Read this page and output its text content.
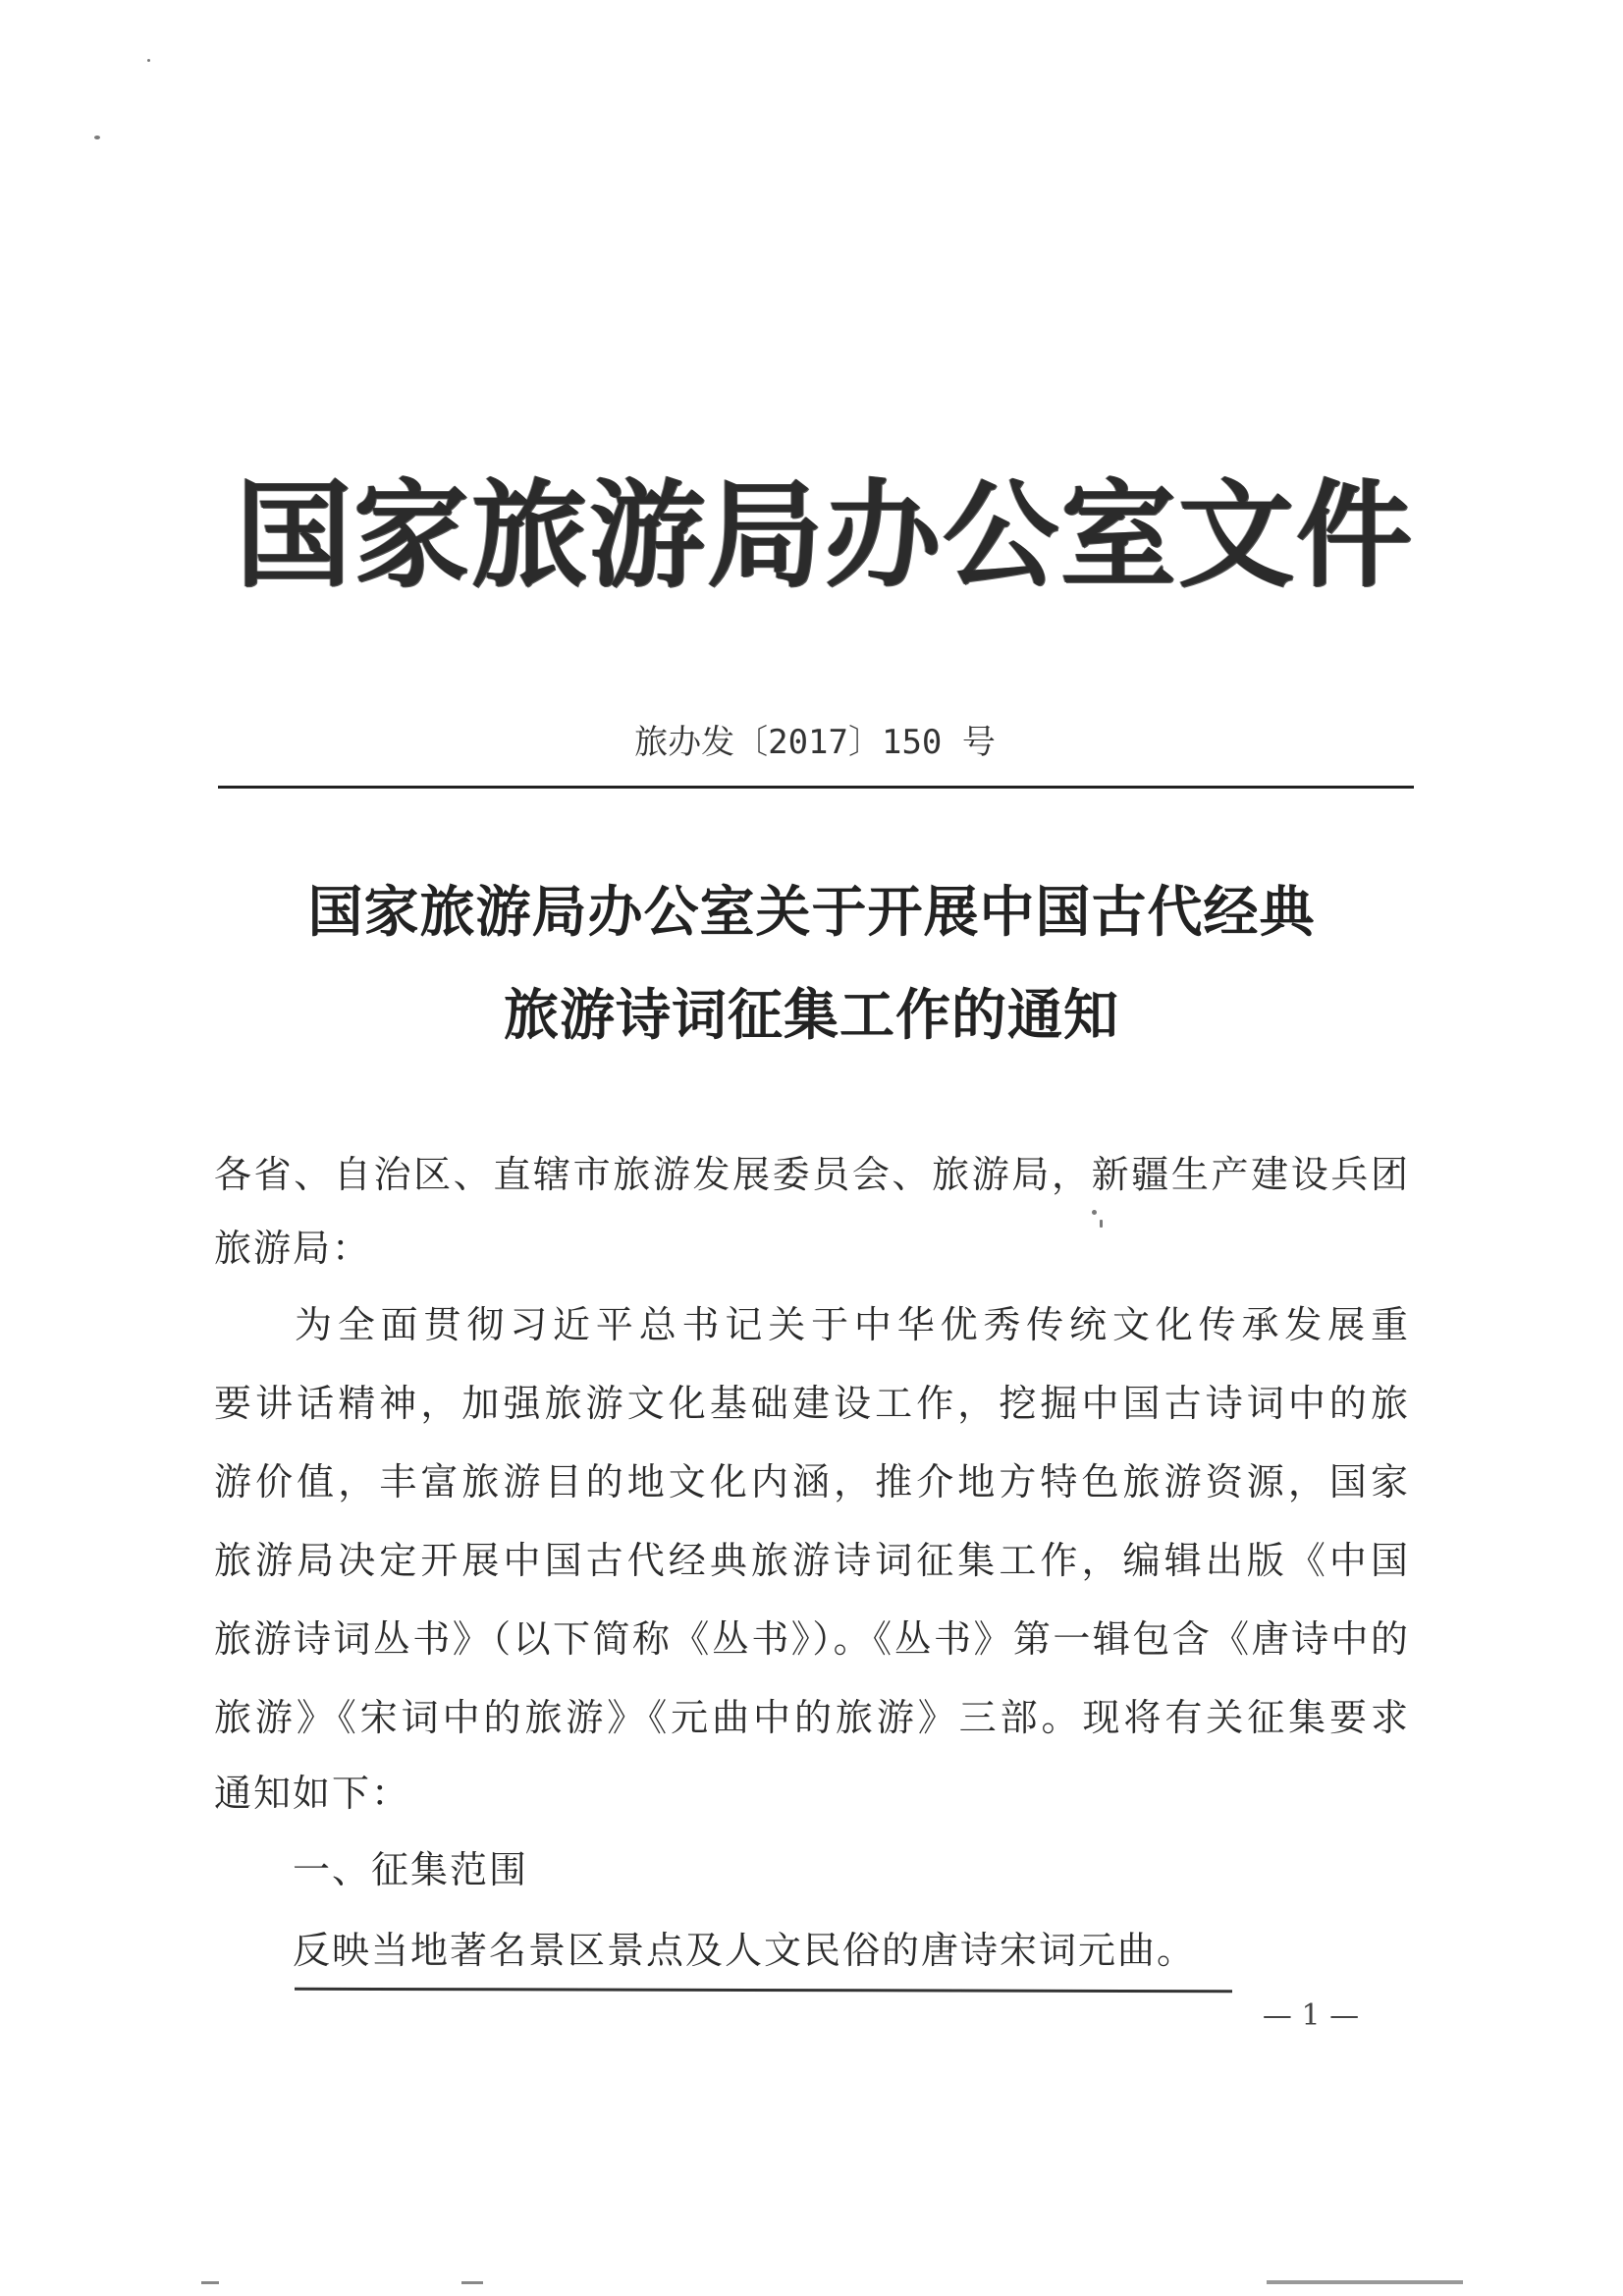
国家旅游局办公室文件
旅办发〔2017〕150 号
国家旅游局办公室关于开展中国古代经典
旅游诗词征集工作的通知
各省、自治区、直辖市旅游发展委员会、旅游局，新疆生产建设兵团
旅游局：
为全面贯彻习近平总书记关于中华优秀传统文化传承发展重
要讲话精神，加强旅游文化基础建设工作，挖掘中国古诗词中的旅
游价值，丰富旅游目的地文化内涵，推介地方特色旅游资源，国家
旅游局决定开展中国古代经典旅游诗词征集工作，编辑出版《中国
旅游诗词丛书》（以下简称《丛书》）。《丛书》第一辑包含《唐诗中的
旅游》《宋词中的旅游》《元曲中的旅游》三部。现将有关征集要求
通知如下：
一、征集范围
反映当地著名景区景点及人文民俗的唐诗宋词元曲。
— 1 —
